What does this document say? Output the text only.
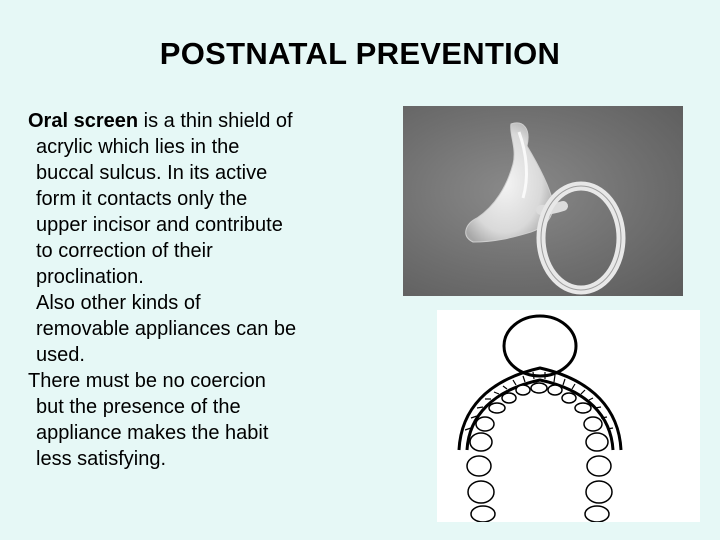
POSTNATAL PREVENTION
Oral screen is a thin shield of
acrylic which lies in the
buccal sulcus. In its active
form it contacts only the
upper incisor and contribute
to correction of their
proclination.
Also other kinds of
removable appliances can be
used.
There must be no coercion
but the presence of the
appliance makes the habit
less satisfying.
